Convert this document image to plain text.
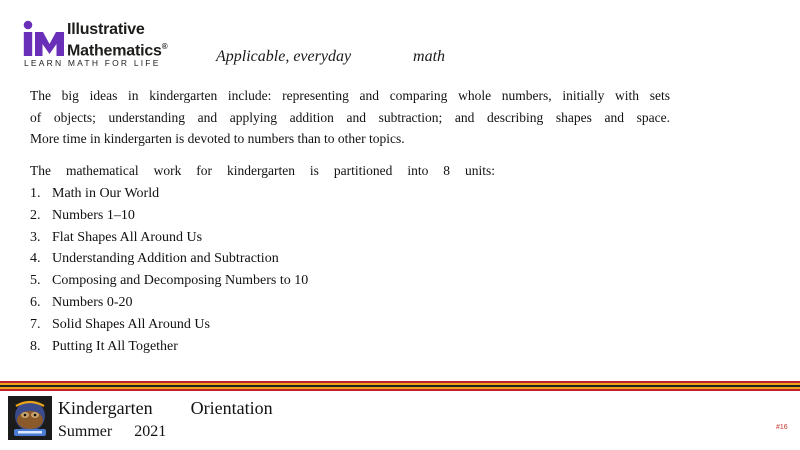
Illustrative
Mathematics®
LEARN MATH FOR LIFE	Applicable, everyday	math
The big ideas in kindergarten include: representing and comparing whole numbers, initially with sets
of objects; understanding and applying addition and subtraction; and describing shapes and space.
More time in kindergarten is devoted to numbers than to other topics.
The mathematical work for kindergarten is partitioned into 8 units:
1. Math in Our World
2. Numbers 1–10
3. Flat Shapes All Around Us
4. Understanding Addition and Subtraction
5. Composing and Decomposing Numbers to 10
6. Numbers 0-20
7. Solid Shapes All Around Us
8. Putting It All Together
Kindergarten Orientation
Summer 2021	#16
